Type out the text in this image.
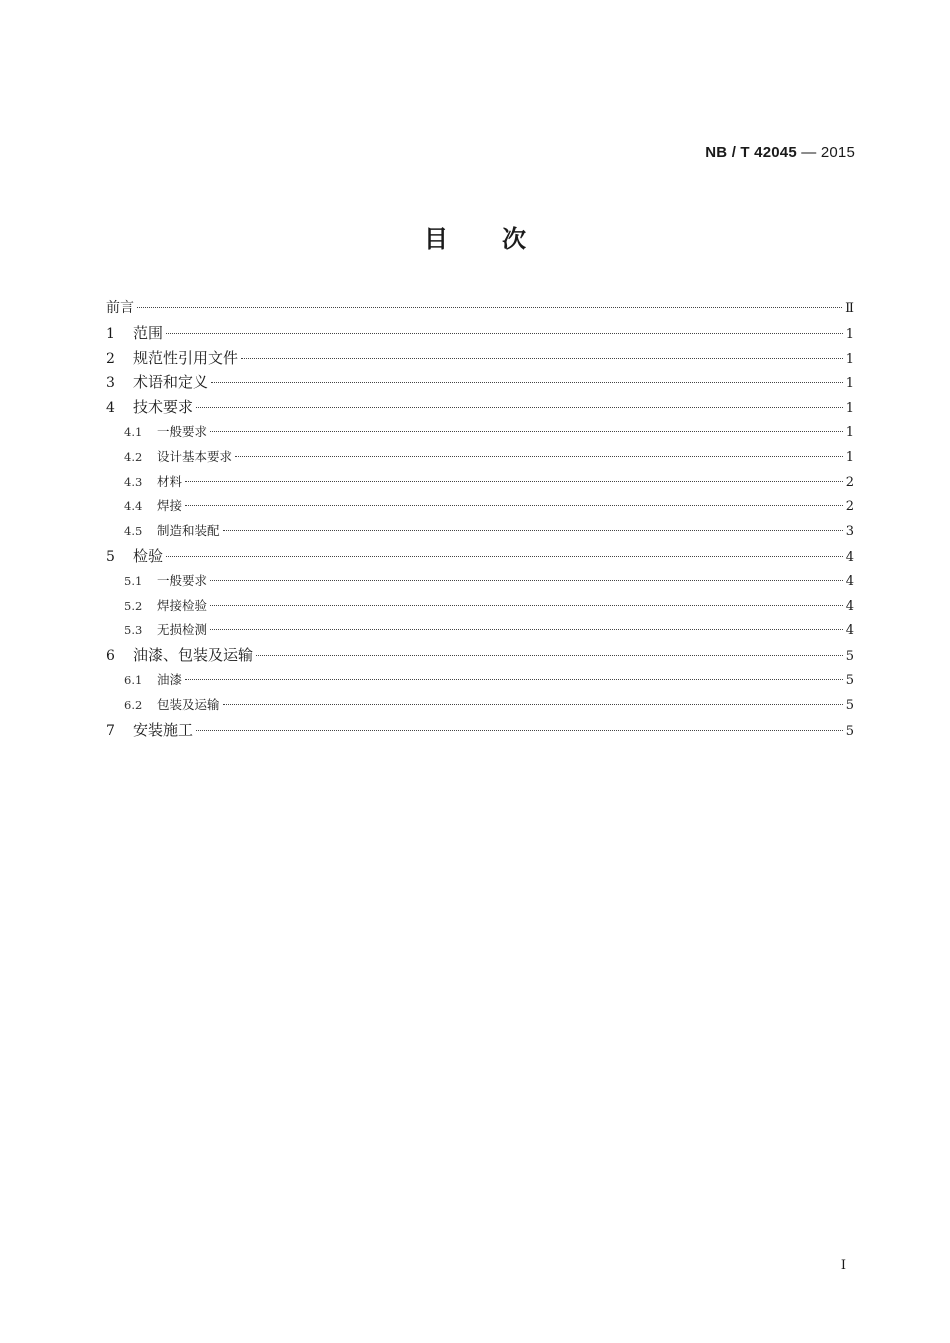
NB / T 42045 — 2015
目次
前言	Ⅱ
1	范围	1
2	规范性引用文件	1
3	术语和定义	1
4	技术要求	1
4.1	一般要求	1
4.2	设计基本要求	1
4.3	材料	2
4.4	焊接	2
4.5	制造和装配	3
5	检验	4
5.1	一般要求	4
5.2	焊接检验	4
5.3	无损检测	4
6	油漆、包装及运输	5
6.1	油漆	5
6.2	包装及运输	5
7	安装施工	5
I
